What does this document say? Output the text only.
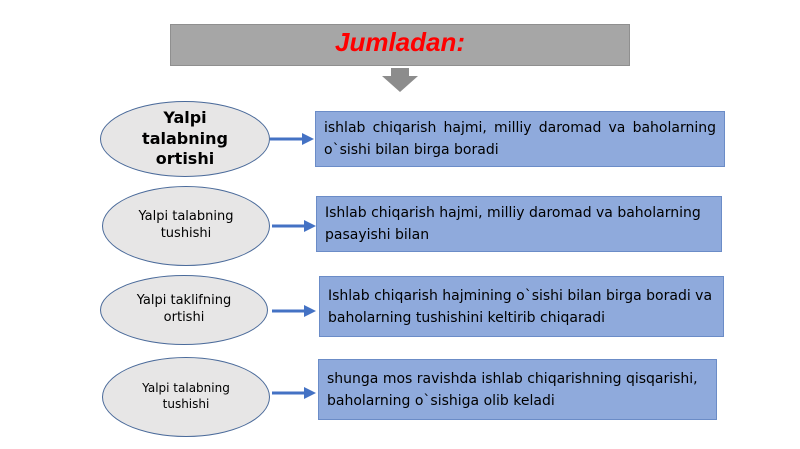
Jumladan:
Yalpi talabning ortishi
ishlab chiqarish hajmi, milliy daromad va baholarning o`sishi bilan birga boradi
Yalpi talabning tushishi
Ishlab chiqarish hajmi, milliy daromad va baholarning pasayishi bilan
Yalpi taklifning ortishi
Ishlab chiqarish hajmining o`sishi bilan birga boradi va baholarning tushishini keltirib chiqaradi
Yalpi talabning tushishi
shunga mos ravishda ishlab chiqarishning qisqarishi, baholarning o`sishiga olib keladi
